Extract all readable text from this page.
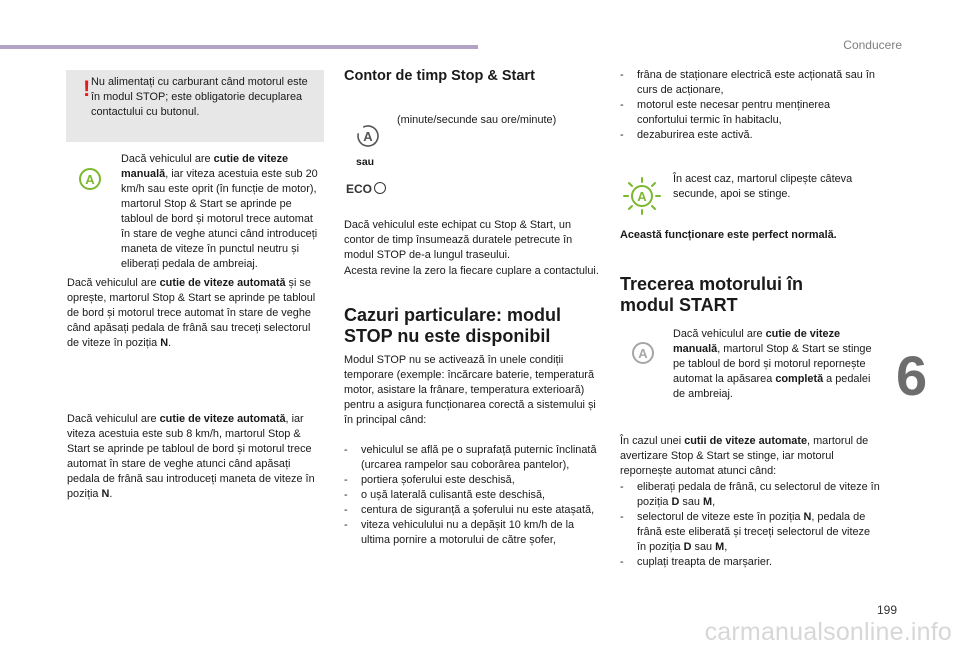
Conducere
6
199
carmanualsonline.info
! Nu alimentați cu carburant când motorul este în modul STOP; este obligatorie decuplarea contactului cu butonul.
A
Dacă vehiculul are cutie de viteze manuală, iar viteza acestuia este sub 20 km/h sau este oprit (în funcție de motor), martorul Stop & Start se aprinde pe tabloul de bord și motorul trece automat în stare de veghe atunci când introduceți maneta de viteze în punctul neutru și eliberați pedala de ambreiaj.
Dacă vehiculul are cutie de viteze automată și se oprește, martorul Stop & Start se aprinde pe tabloul de bord și motorul trece automat în stare de veghe când apăsați pedala de frână sau treceți selectorul de viteze în poziția N.
Dacă vehiculul are cutie de viteze automată, iar viteza acestuia este sub 8 km/h, martorul Stop & Start se aprinde pe tabloul de bord și motorul trece automat în stare de veghe atunci când apăsați pedala de frână sau introduceți maneta de viteze în poziția N.
Contor de timp Stop & Start
A
sau
(minute/secunde sau ore/minute)
ECO
Dacă vehiculul este echipat cu Stop & Start, un contor de timp însumează duratele petrecute în modul STOP de-a lungul traseului.
Acesta revine la zero la fiecare cuplare a contactului.
Cazuri particulare: modul
STOP nu este disponibil
Modul STOP nu se activează în unele condiții temporare (exemple: încărcare baterie, temperatură motor, asistare la frânare, temperatura exterioară) pentru a asigura funcționarea corectă a sistemului și în principal când:
- vehiculul se află pe o suprafață puternic înclinată (urcarea rampelor sau coborârea pantelor),
- portiera șoferului este deschisă,
- o ușă laterală culisantă este deschisă,
- centura de siguranță a șoferului nu este atașată,
- viteza vehiculului nu a depășit 10 km/h de la ultima pornire a motorului de către șofer,
- frâna de staționare electrică este acționată sau în curs de acționare,
- motorul este necesar pentru menținerea confortului termic în habitaclu,
- dezaburirea este activă.
A
În acest caz, martorul clipește câteva secunde, apoi se stinge.
Această funcționare este perfect normală.
Trecerea motorului în
modul START
A
Dacă vehiculul are cutie de viteze manuală, martorul Stop & Start se stinge pe tabloul de bord și motorul repornește automat la apăsarea completă a pedalei de ambreiaj.
În cazul unei cutii de viteze automate, martorul de avertizare Stop & Start se stinge, iar motorul repornește automat atunci când:
- eliberați pedala de frână, cu selectorul de viteze în poziția D sau M,
- selectorul de viteze este în poziția N, pedala de frână este eliberată și treceți selectorul de viteze în poziția D sau M,
- cuplați treapta de marșarier.
